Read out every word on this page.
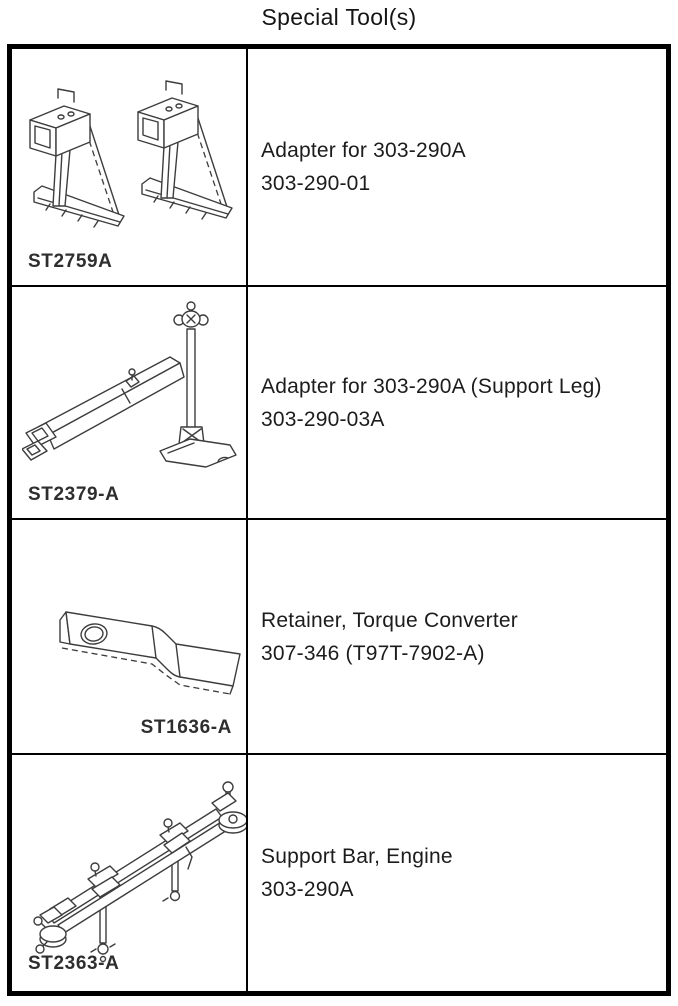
Special Tool(s)
ST2759A
Adapter for 303-290A
303-290-01
ST2379-A
Adapter for 303-290A (Support Leg)
303-290-03A
ST1636-A
Retainer, Torque Converter
307-346 (T97T-7902-A)
ST2363-A
Support Bar, Engine
303-290A
